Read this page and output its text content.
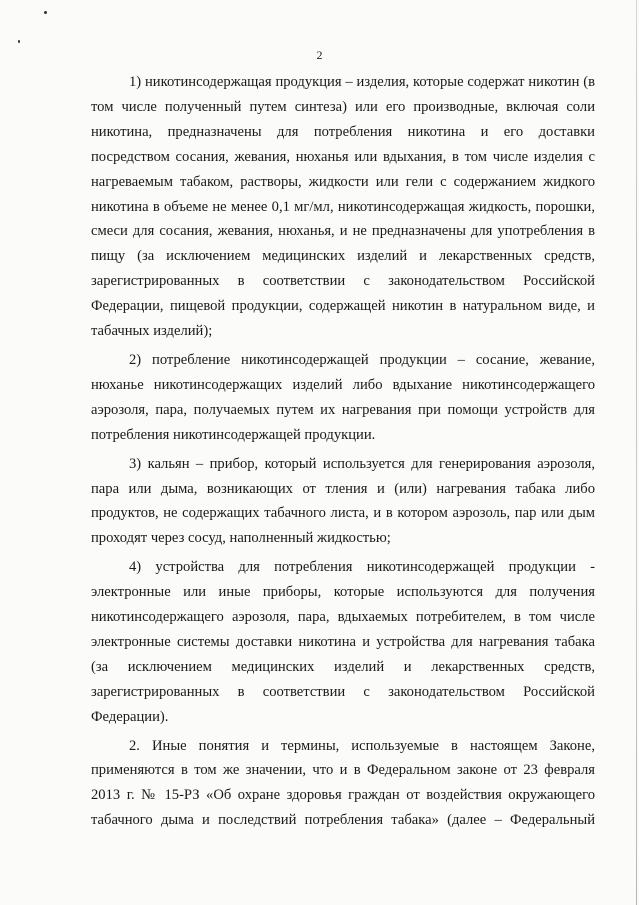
2

1) никотинсодержащая продукция – изделия, которые содержат никотин (в том числе полученный путем синтеза) или его производные, включая соли никотина, предназначены для потребления никотина и его доставки посредством сосания, жевания, нюханья или вдыхания, в том числе изделия с нагреваемым табаком, растворы, жидкости или гели с содержанием жидкого никотина в объеме не менее 0,1 мг/мл, никотинсодержащая жидкость, порошки, смеси для сосания, жевания, нюханья, и не предназначены для употребления в пищу (за исключением медицинских изделий и лекарственных средств, зарегистрированных в соответствии с законодательством Российской Федерации, пищевой продукции, содержащей никотин в натуральном виде, и табачных изделий);

2) потребление никотинсодержащей продукции – сосание, жевание, нюханье никотинсодержащих изделий либо вдыхание никотинсодержащего аэрозоля, пара, получаемых путем их нагревания при помощи устройств для потребления никотинсодержащей продукции.

3) кальян – прибор, который используется для генерирования аэрозоля, пара или дыма, возникающих от тления и (или) нагревания табака либо продуктов, не содержащих табачного листа, и в котором аэрозоль, пар или дым проходят через сосуд, наполненный жидкостью;

4) устройства для потребления никотинсодержащей продукции - электронные или иные приборы, которые используются для получения никотинсодержащего аэрозоля, пара, вдыхаемых потребителем, в том числе электронные системы доставки никотина и устройства для нагревания табака (за исключением медицинских изделий и лекарственных средств, зарегистрированных в соответствии с законодательством Российской Федерации).

2. Иные понятия и термины, используемые в настоящем Законе, применяются в том же значении, что и в Федеральном законе от 23 февраля 2013 г. № 15-РЗ «Об охране здоровья граждан от воздействия окружающего табачного дыма и последствий потребления табака» (далее – Федеральный
